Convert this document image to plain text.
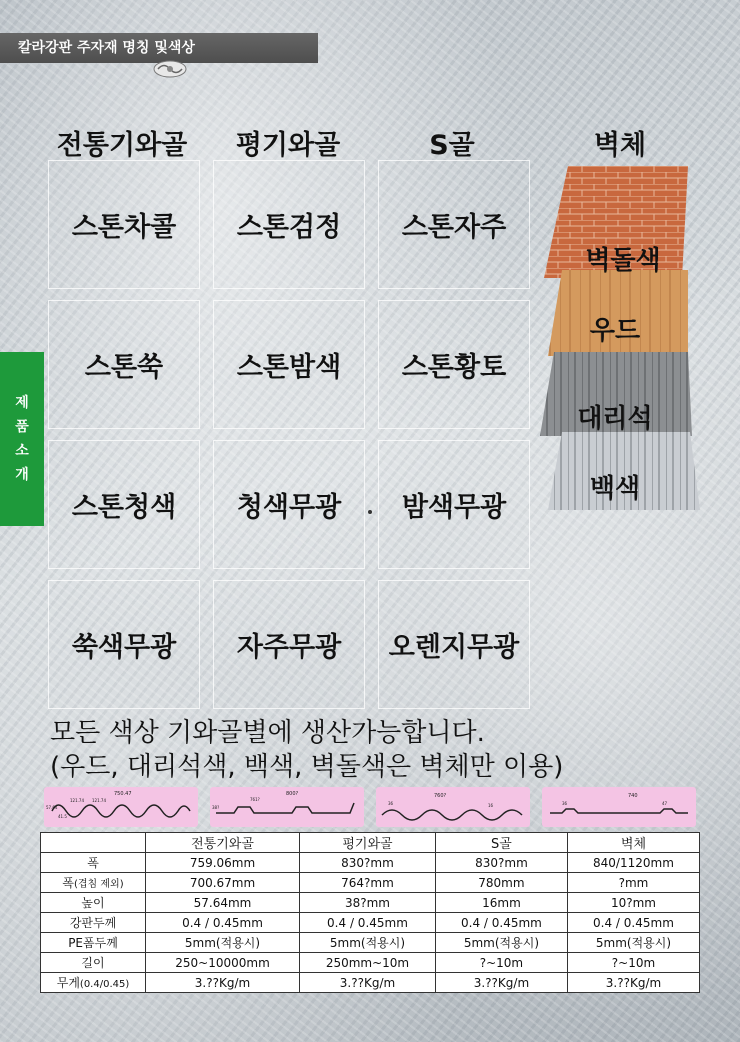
칼라강판 주자재 명칭 및색상
제
품
소
개
전통기와골	평기와골	S골	벽체
스톤차콜	스톤검정	스톤자주
스톤쑥	스톤밤색	스톤황토
스톤청색	청색무광	밤색무광
쑥색무광	자주무광	오렌지무광
벽돌색
우드
대리석
백색
모든 색상 기와골별에 생산가능합니다.
(우드, 대리석색, 백색, 벽돌색은 벽체만 이용)
750.47
121.74 121.74
57.64
41.5
800?
761?
38?
760?
36	16
740
36	47
	전통기와골	평기와골	S골	벽체
폭	759.06mm	830?mm	830?mm	840/1120mm
폭(겹침 제외)	700.67mm	764?mm	780mm	?mm
높이	57.64mm	38?mm	16mm	10?mm
강판두께	0.4 / 0.45mm	0.4 / 0.45mm	0.4 / 0.45mm	0.4 / 0.45mm
PE폼두께	5mm(적용시)	5mm(적용시)	5mm(적용시)	5mm(적용시)
길이	250~10000mm	250mm~10m	?~10m	?~10m
무게(0.4/0.45)	3.??Kg/m	3.??Kg/m	3.??Kg/m	3.??Kg/m
